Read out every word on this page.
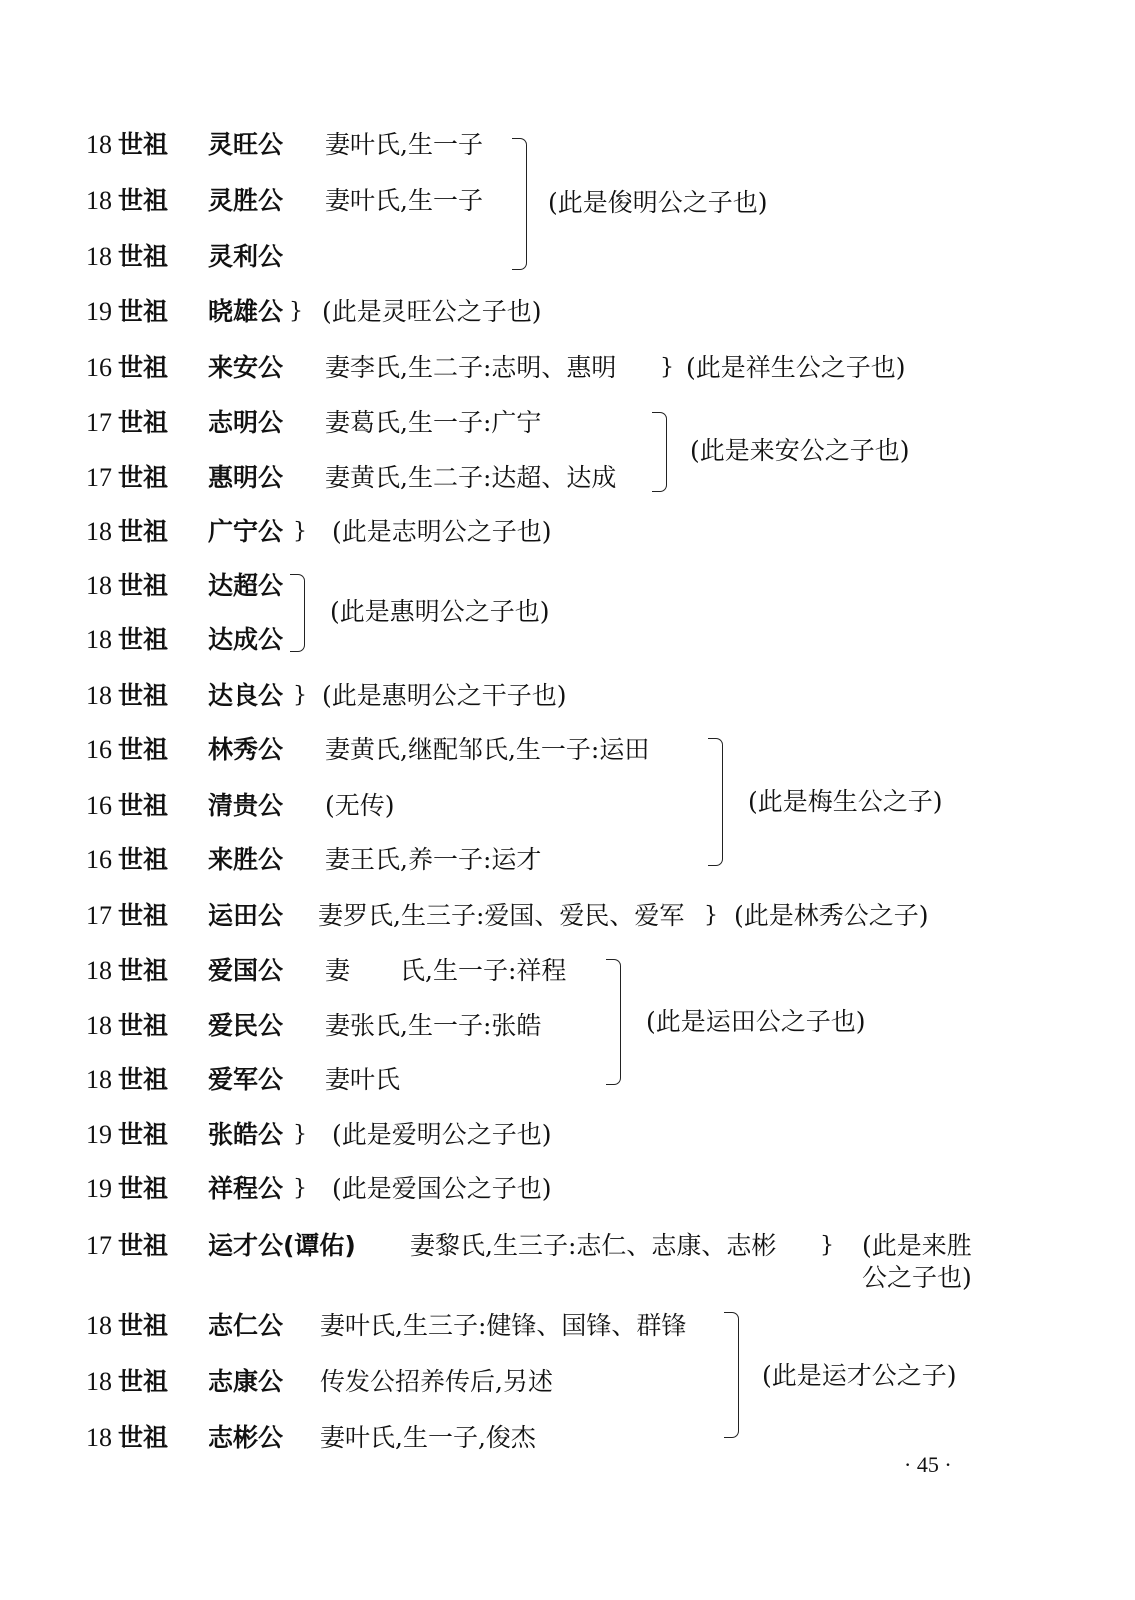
18 世祖 灵旺公 妻叶氏,生一子
18 世祖 灵胜公 妻叶氏,生一子
18 世祖 灵利公
19 世祖 晓雄公 } (此是灵旺公之子也)
16 世祖 来安公 妻李氏,生二子:志明、惠明 } (此是祥生公之子也)
17 世祖 志明公 妻葛氏,生一子:广宁
17 世祖 惠明公 妻黄氏,生二子:达超、达成
18 世祖 广宁公 } (此是志明公之子也)
18 世祖 达超公
18 世祖 达成公
18 世祖 达良公 } (此是惠明公之干子也)
16 世祖 林秀公 妻黄氏,继配邹氏,生一子:运田
16 世祖 清贵公 (无传)
16 世祖 来胜公 妻王氏,养一子:运才
17 世祖 运田公 妻罗氏,生三子:爱国、爱民、爱军 } (此是林秀公之子)
18 世祖 爱国公 妻　　氏,生一子:祥程
18 世祖 爱民公 妻张氏,生一子:张皓
18 世祖 爱军公 妻叶氏
19 世祖 张皓公 } (此是爱明公之子也)
19 世祖 祥程公 } (此是爱国公之子也)
17 世祖 运才公(谭佑) 妻黎氏,生三子:志仁、志康、志彬 } (此是来胜
公之子也)
18 世祖 志仁公 妻叶氏,生三子:健锋、国锋、群锋
18 世祖 志康公 传发公招养传后,另述
18 世祖 志彬公 妻叶氏,生一子,俊杰
(此是俊明公之子也)
(此是来安公之子也)
(此是惠明公之子也)
(此是梅生公之子)
(此是运田公之子也)
(此是运才公之子)
· 45 ·
